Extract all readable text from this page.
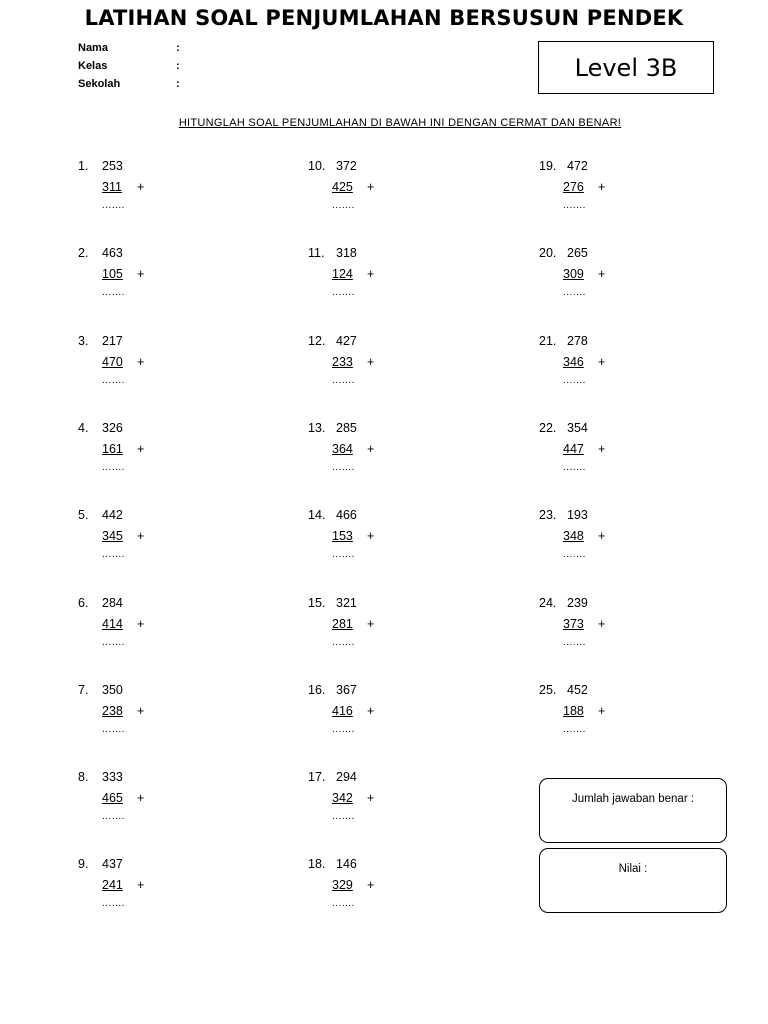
LATIHAN SOAL PENJUMLAHAN BERSUSUN PENDEK
Nama	:
Kelas	:
Sekolah	:
Level 3B
HITUNGLAH SOAL PENJUMLAHAN DI BAWAH INI DENGAN CERMAT DAN BENAR!
1. 253
311 +
.......
2. 463
105 +
.......
3. 217
470 +
.......
4. 326
161 +
.......
5. 442
345 +
.......
6. 284
414 +
.......
7. 350
238 +
.......
8. 333
465 +
.......
9. 437
241 +
.......
10. 372
425 +
.......
11. 318
124 +
.......
12. 427
233 +
.......
13. 285
364 +
.......
14. 466
153 +
.......
15. 321
281 +
.......
16. 367
416 +
.......
17. 294
342 +
.......
18. 146
329 +
.......
19. 472
276 +
.......
20. 265
309 +
.......
21. 278
346 +
.......
22. 354
447 +
.......
23. 193
348 +
.......
24. 239
373 +
.......
25. 452
188 +
.......
Jumlah jawaban benar :
Nilai :
